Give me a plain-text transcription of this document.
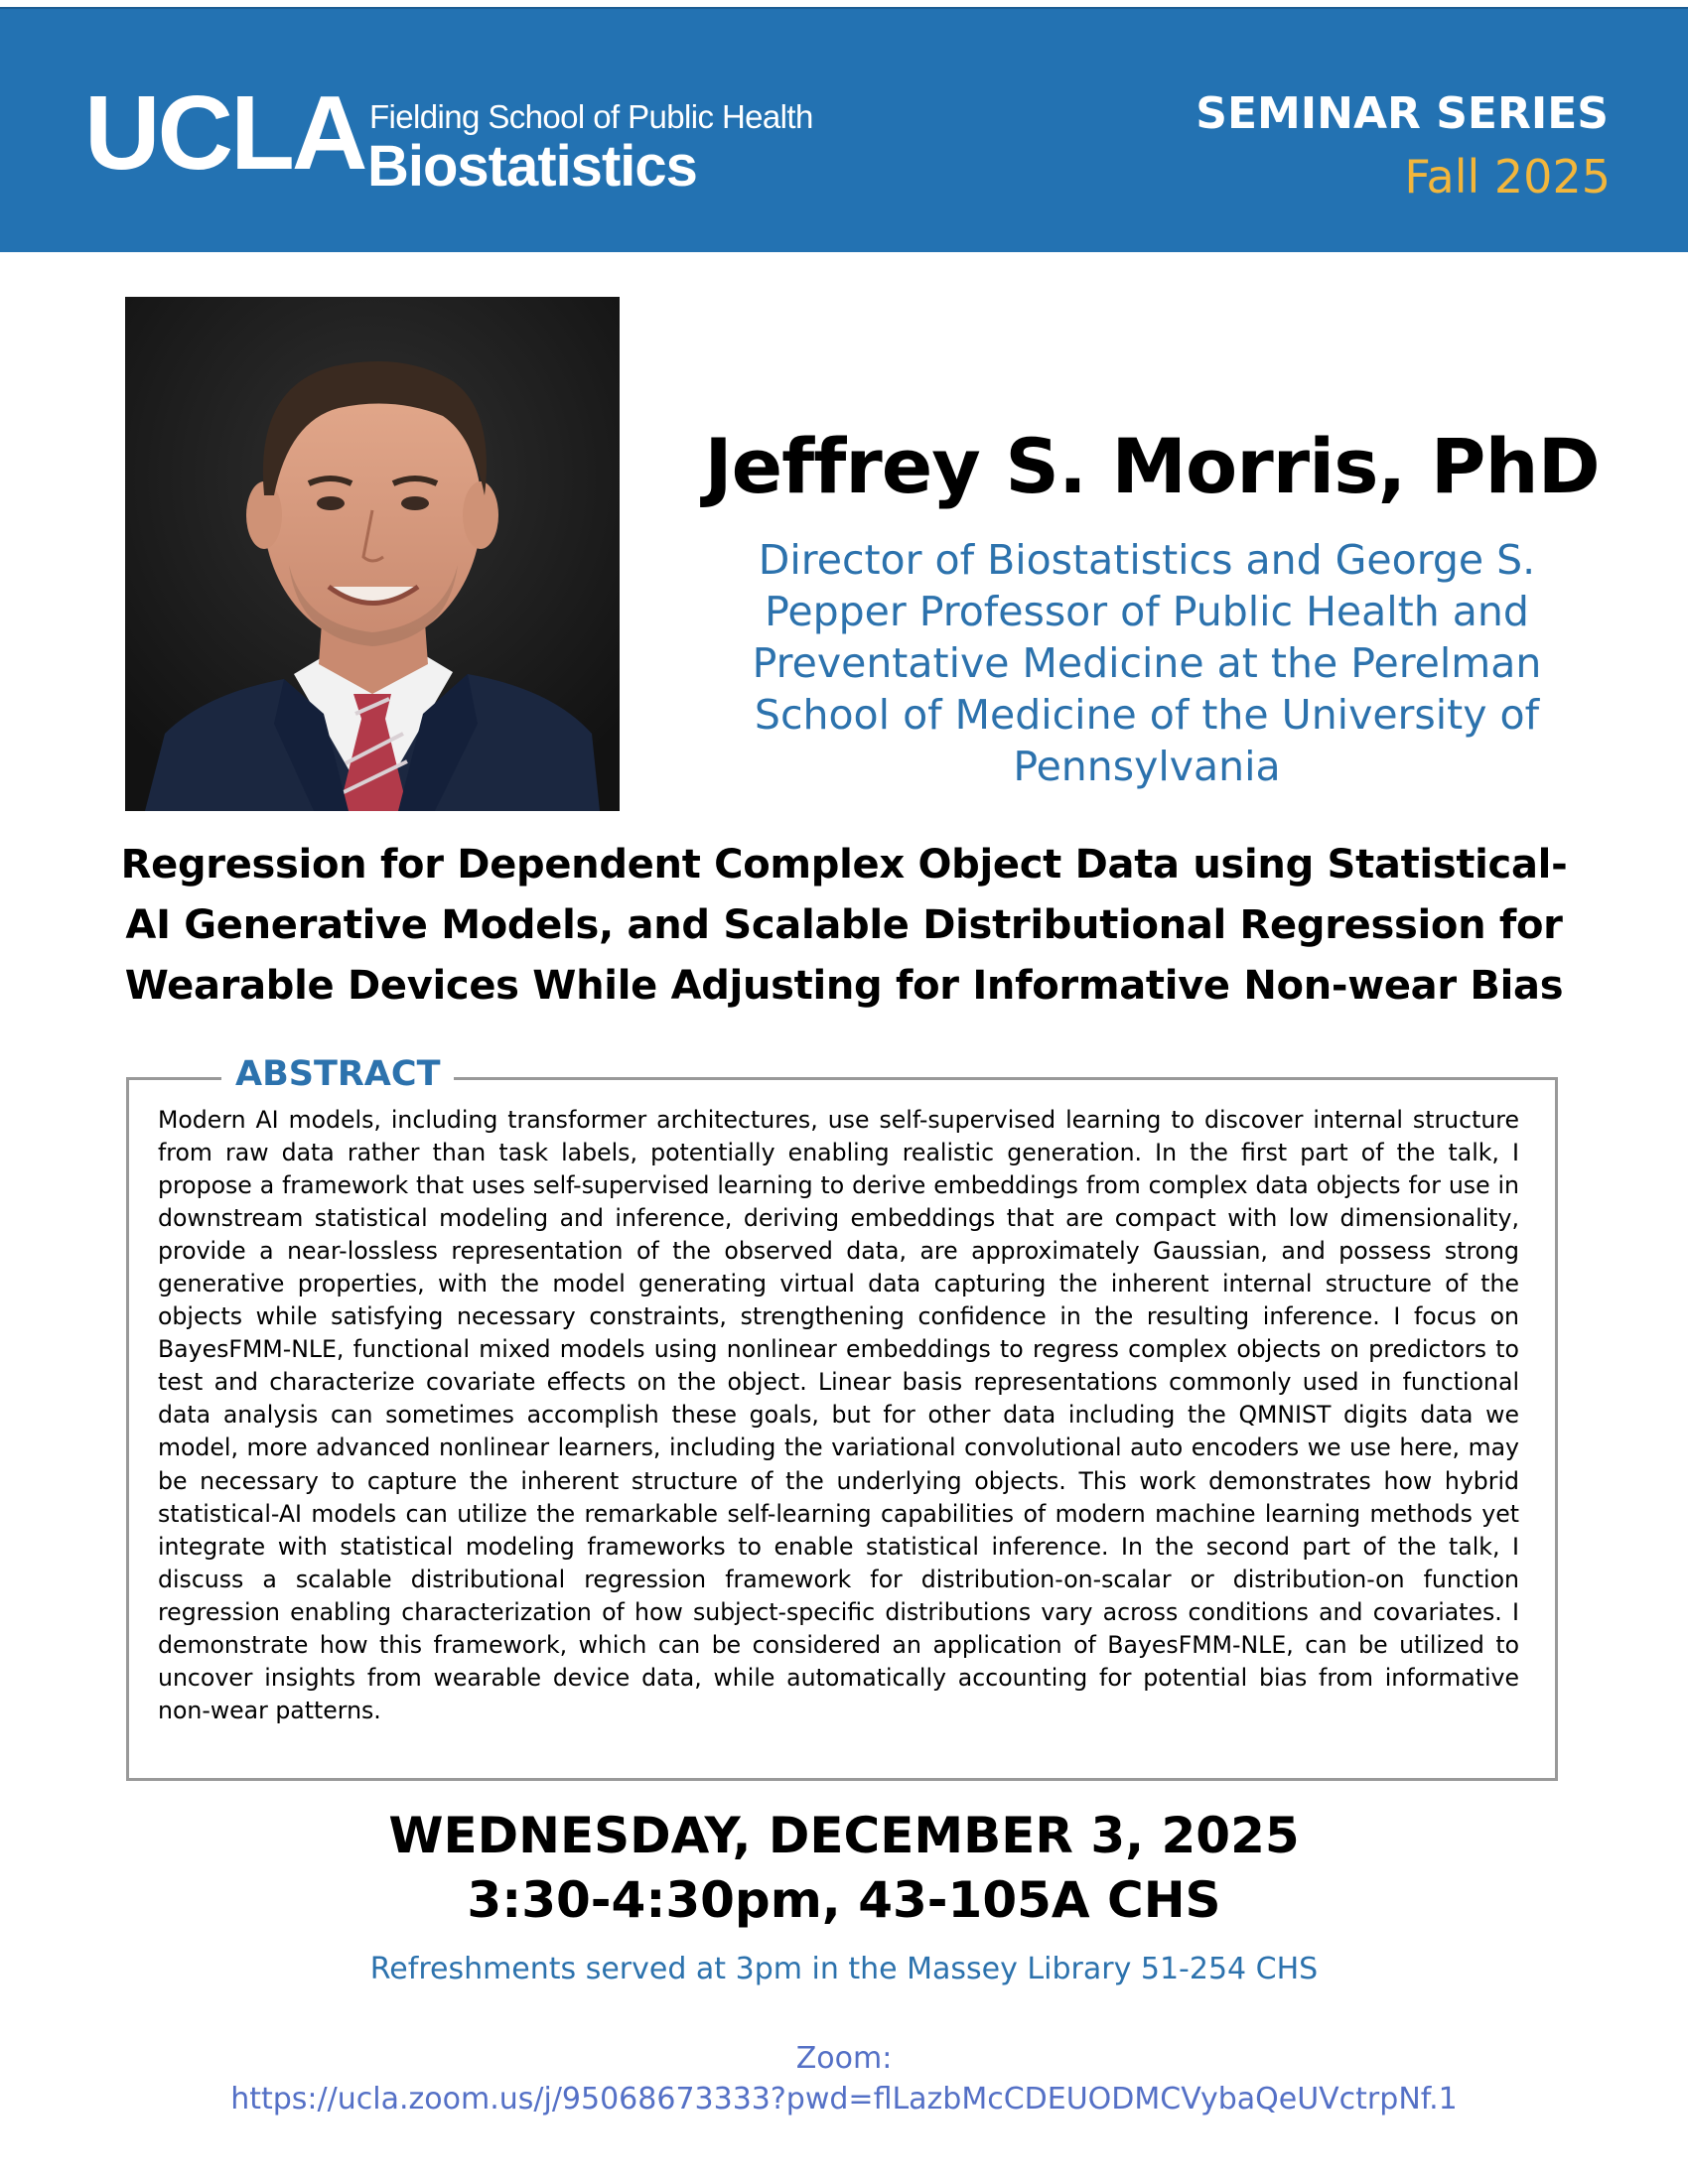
UCLA Fielding School of Public Health
Biostatistics
SEMINAR SERIES
Fall 2025
Jeffrey S. Morris, PhD
Director of Biostatistics and George S. Pepper Professor of Public Health and Preventative Medicine at the Perelman School of Medicine of the University of Pennsylvania
Regression for Dependent Complex Object Data using Statistical-AI Generative Models, and Scalable Distributional Regression for Wearable Devices While Adjusting for Informative Non-wear Bias
ABSTRACT
Modern AI models, including transformer architectures, use self-supervised learning to discover internal structure from raw data rather than task labels, potentially enabling realistic generation. In the first part of the talk, I propose a framework that uses self-supervised learning to derive embeddings from complex data objects for use in downstream statistical modeling and inference, deriving embeddings that are compact with low dimensionality, provide a near-lossless representation of the observed data, are approximately Gaussian, and possess strong generative properties, with the model generating virtual data capturing the inherent internal structure of the objects while satisfying necessary constraints, strengthening confidence in the resulting inference. I focus on BayesFMM-NLE, functional mixed models using nonlinear embeddings to regress complex objects on predictors to test and characterize covariate effects on the object. Linear basis representations commonly used in functional data analysis can sometimes accomplish these goals, but for other data including the QMNIST digits data we model, more advanced nonlinear learners, including the variational convolutional auto encoders we use here, may be necessary to capture the inherent structure of the underlying objects. This work demonstrates how hybrid statistical-AI models can utilize the remarkable self-learning capabilities of modern machine learning methods yet integrate with statistical modeling frameworks to enable statistical inference. In the second part of the talk, I discuss a scalable distributional regression framework for distribution-on-scalar or distribution-on function regression enabling characterization of how subject-specific distributions vary across conditions and covariates. I demonstrate how this framework, which can be considered an application of BayesFMM-NLE, can be utilized to uncover insights from wearable device data, while automatically accounting for potential bias from informative non-wear patterns.
WEDNESDAY, DECEMBER 3, 2025
3:30-4:30pm, 43-105A CHS
Refreshments served at 3pm in the Massey Library 51-254 CHS
Zoom:
https://ucla.zoom.us/j/95068673333?pwd=flLazbMcCDEUODMCVybaQeUVctrpNf.1
